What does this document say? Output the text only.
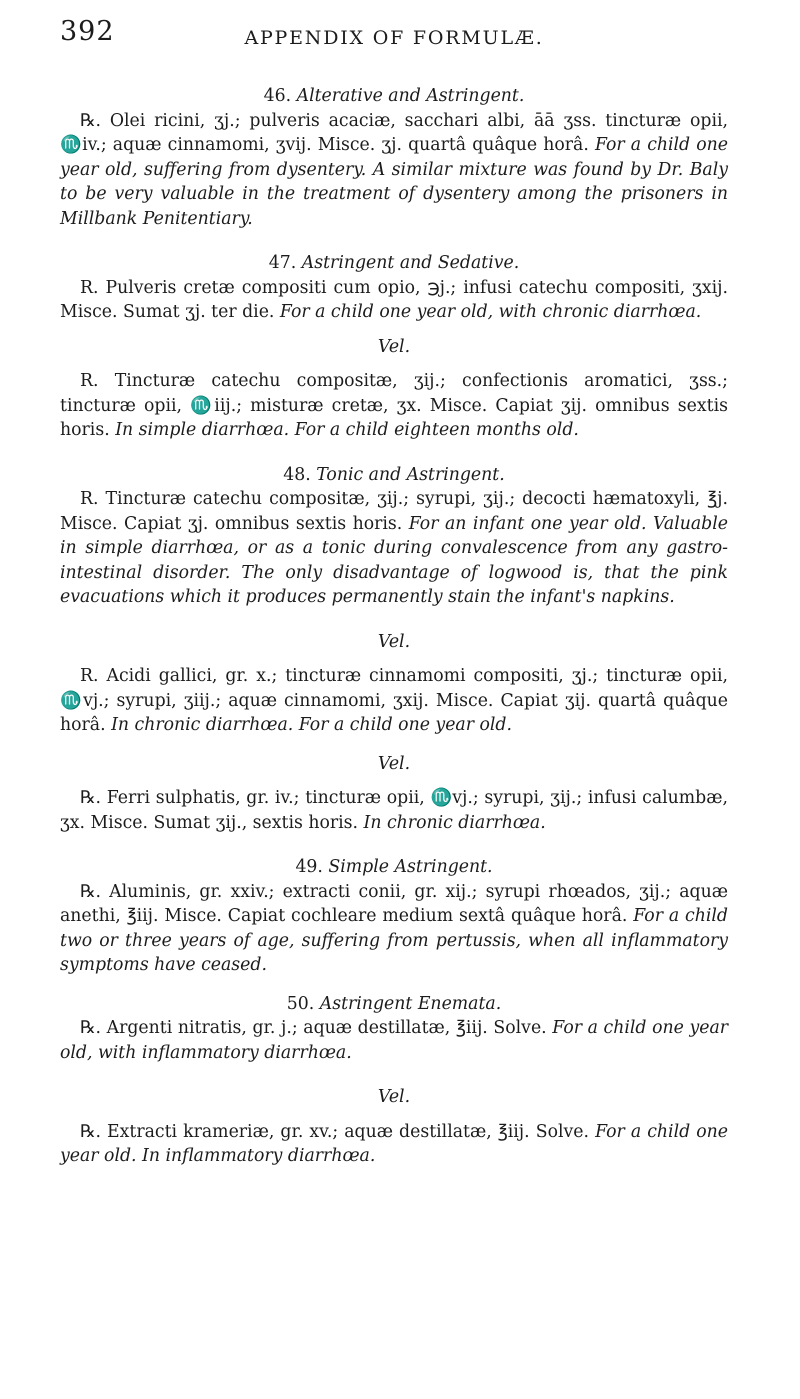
392	APPENDIX OF FORMULÆ.

46. Alterative and Astringent.

℞. Olei ricini, ʒj.; pulveris acaciæ, sacchari albi, āā ʒss. tincturæ opii, ♏iv.; aquæ cinnamomi, ʒvij. Misce. ʒj. quartâ quâque horâ. For a child one year old, suffering from dysentery. A similar mixture was found by Dr. Baly to be very valuable in the treatment of dysentery among the prisoners in Millbank Penitentiary.

47. Astringent and Sedative.

R. Pulveris cretæ compositi cum opio, ℈j.; infusi catechu compositi, ʒxij. Misce. Sumat ʒj. ter die. For a child one year old, with chronic diarrhœa.

Vel.

R. Tincturæ catechu compositæ, ʒij.; confectionis aromatici, ʒss.; tincturæ opii, ♏iij.; misturæ cretæ, ʒx. Misce. Capiat ʒij. omnibus sextis horis. In simple diarrhœa. For a child eighteen months old.

48. Tonic and Astringent.

R. Tincturæ catechu compositæ, ʒij.; syrupi, ʒij.; decocti hæmatoxyli, ℥j. Misce. Capiat ʒj. omnibus sextis horis. For an infant one year old. Valuable in simple diarrhœa, or as a tonic during convalescence from any gastro-intestinal disorder. The only disadvantage of logwood is, that the pink evacuations which it produces permanently stain the infant's napkins.

Vel.

R. Acidi gallici, gr. x.; tincturæ cinnamomi compositi, ʒj.; tincturæ opii, ♏vj.; syrupi, ʒiij.; aquæ cinnamomi, ʒxij. Misce. Capiat ʒij. quartâ quâque horâ. In chronic diarrhœa. For a child one year old.

Vel.

℞. Ferri sulphatis, gr. iv.; tincturæ opii, ♏vj.; syrupi, ʒij.; infusi calumbæ, ʒx. Misce. Sumat ʒij., sextis horis. In chronic diarrhœa.

49. Simple Astringent.

℞. Aluminis, gr. xxiv.; extracti conii, gr. xij.; syrupi rhœados, ʒij.; aquæ anethi, ℥iij. Misce. Capiat cochleare medium sextâ quâque horâ. For a child two or three years of age, suffering from pertussis, when all inflammatory symptoms have ceased.

50. Astringent Enemata.

℞. Argenti nitratis, gr. j.; aquæ destillatæ, ℥iij. Solve. For a child one year old, with inflammatory diarrhœa.

Vel.

℞. Extracti krameriæ, gr. xv.; aquæ destillatæ, ℥iij. Solve. For a child one year old. In inflammatory diarrhœa.
